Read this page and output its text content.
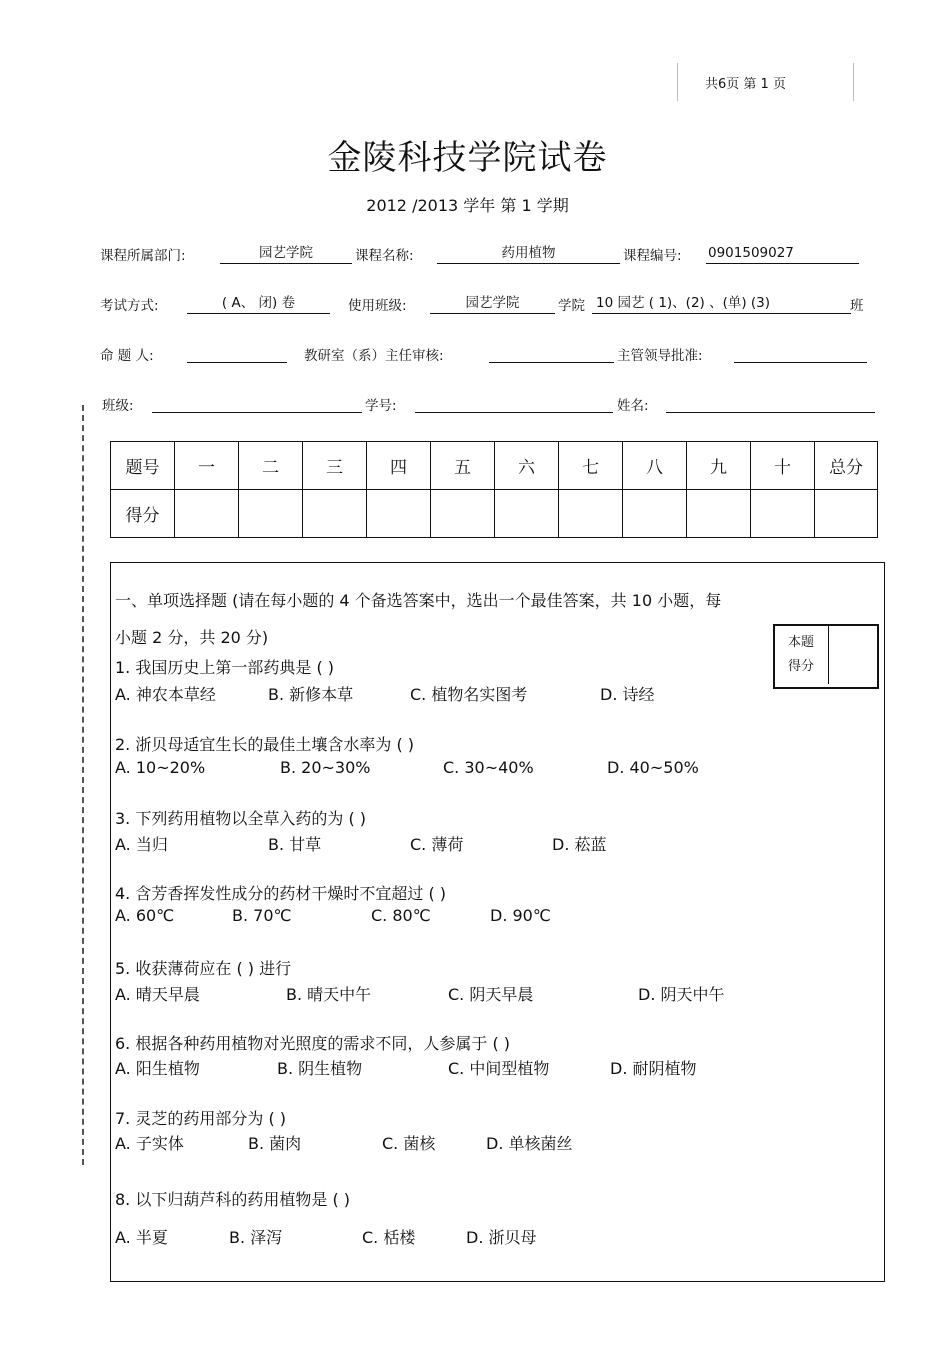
共6页 第 1 页
金陵科技学院试卷
2012 /2013 学年 第 1 学期
课程所属部门:	园艺学院	课程名称:	药用植物	课程编号: 0901509027
考试方式:	( A、 闭) 卷	使用班级:	园艺学院	学院 10 园艺 ( 1)、(2) 、(单) (3)	班
命 题 人:	教研室（系）主任审核:	主管领导批准:
班级:	学号:	姓名:
题号	一	二	三	四	五	六	七	八	九	十	总分
得分											
一、单项选择题 (请在每小题的 4 个备选答案中，选出一个最佳答案，共 10 小题，每
小题 2 分，共 20 分)	本题
得分

1. 我国历史上第一部药典是 ( )
A. 神农本草经	B. 新修本草	C. 植物名实图考	D. 诗经
2. 浙贝母适宜生长的最佳土壤含水率为 ( )
A. 10~20%	B. 20~30%	C. 30~40%	D. 40~50%
3. 下列药用植物以全草入药的为 ( )
A. 当归	B. 甘草	C. 薄荷	D. 菘蓝
4. 含芳香挥发性成分的药材干燥时不宜超过 ( )
A. 60℃	B. 70℃	C. 80℃	D. 90℃
5. 收获薄荷应在 ( ) 进行
A. 晴天早晨	B. 晴天中午	C. 阴天早晨	D. 阴天中午
6. 根据各种药用植物对光照度的需求不同，人参属于 ( )
A. 阳生植物	B. 阴生植物	C. 中间型植物	D. 耐阴植物
7. 灵芝的药用部分为 ( )
A. 子实体	B. 菌肉	C. 菌核	D. 单核菌丝
8. 以下归葫芦科的药用植物是 ( )
A. 半夏	B. 泽泻	C. 栝楼	D. 浙贝母
